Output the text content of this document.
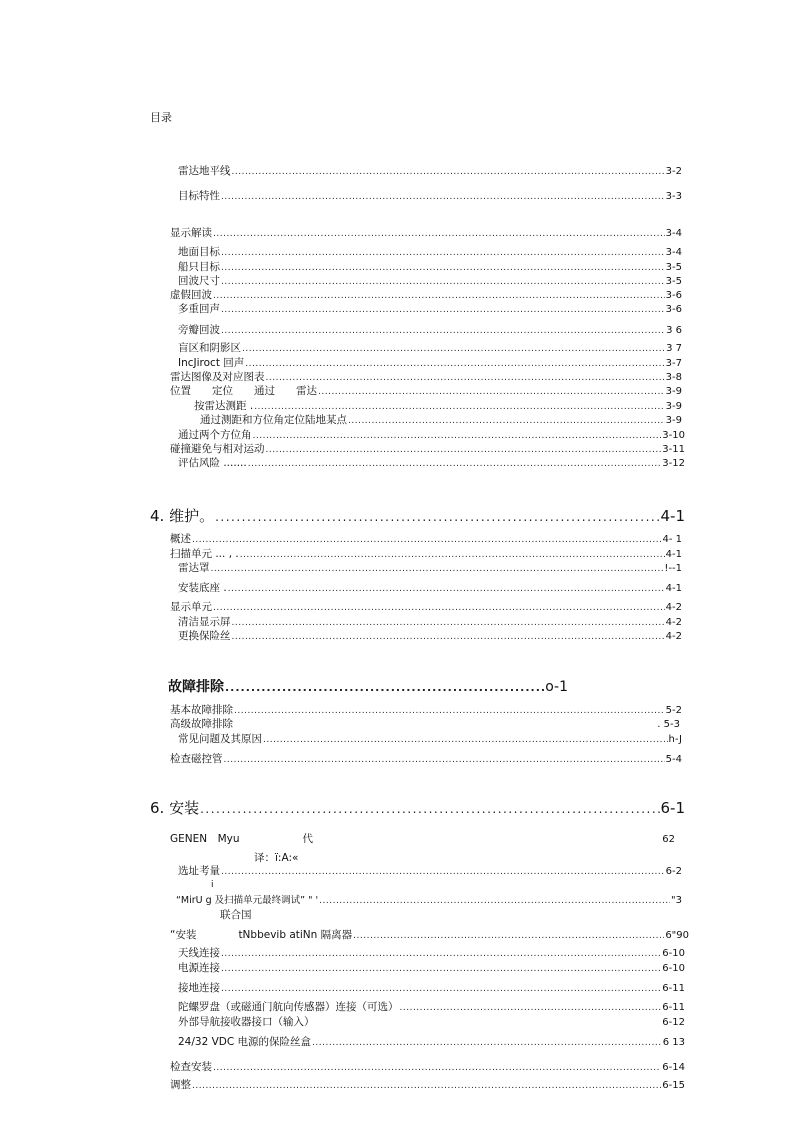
目录
雷达地平线 .....	3-2
目标特性 .....	3-3
显示解读 .....	3-4
地面目标 .....	3-4
船只目标 .....	3-5
回波尺寸 .....	3-5
虚假回波 .....	3-6
多重回声 .....	3-6
旁瓣回波 .....	3 6
盲区和阴影区 .....	3 7
IncJiroct 回声 .....	3-7
雷达图像及对应图表 .....	3-8
位置　　定位　　通过　　雷达 .....	3-9
按雷达测距 . .....	3-9
通过测距和方位角定位陆地某点 .....	3-9
通过两个方位角 .....	3-10
碰撞避免与相对运动 .....	3-11
评估风险 ....... .....	3-12
4. 维护。 .....	4-1
概述 .....	4- 1
扫描单元 ... , . .....	4-1
雷达罩 .....	!--1
安装底座 . .....	4-1
显示单元 .....	4-2
清洁显示屏 .....	4-2
更换保险丝 .....	4-2
故障排除 .....	o-1
基本故障排除 .....	5-2
高级故障排除	. 5-3
常见问题及其原因 .....	h-J
检查磁控管 .....	5-4
6. 安装 .....	6-1
GENEN　Myu　　　　　　代	62
译：ї:A:«
选址考量 .....	6-2
i
“MirU g 及扫描单元最终调试” " ' .....	"3
联合国
“安装　　　　tNbbevib atiNn 隔离器 .....	6"90
天线连接 .....	6-10
电源连接 .....	6-10
接地连接 .....	6-11
陀螺罗盘（或磁通门航向传感器）连接（可选） .....	6-11
外部导航接收器接口（输入）	6-12
24/32 VDC 电源的保险丝盒 .....	6 13
检查安装 .....	6-14
调整 .....	6-15
